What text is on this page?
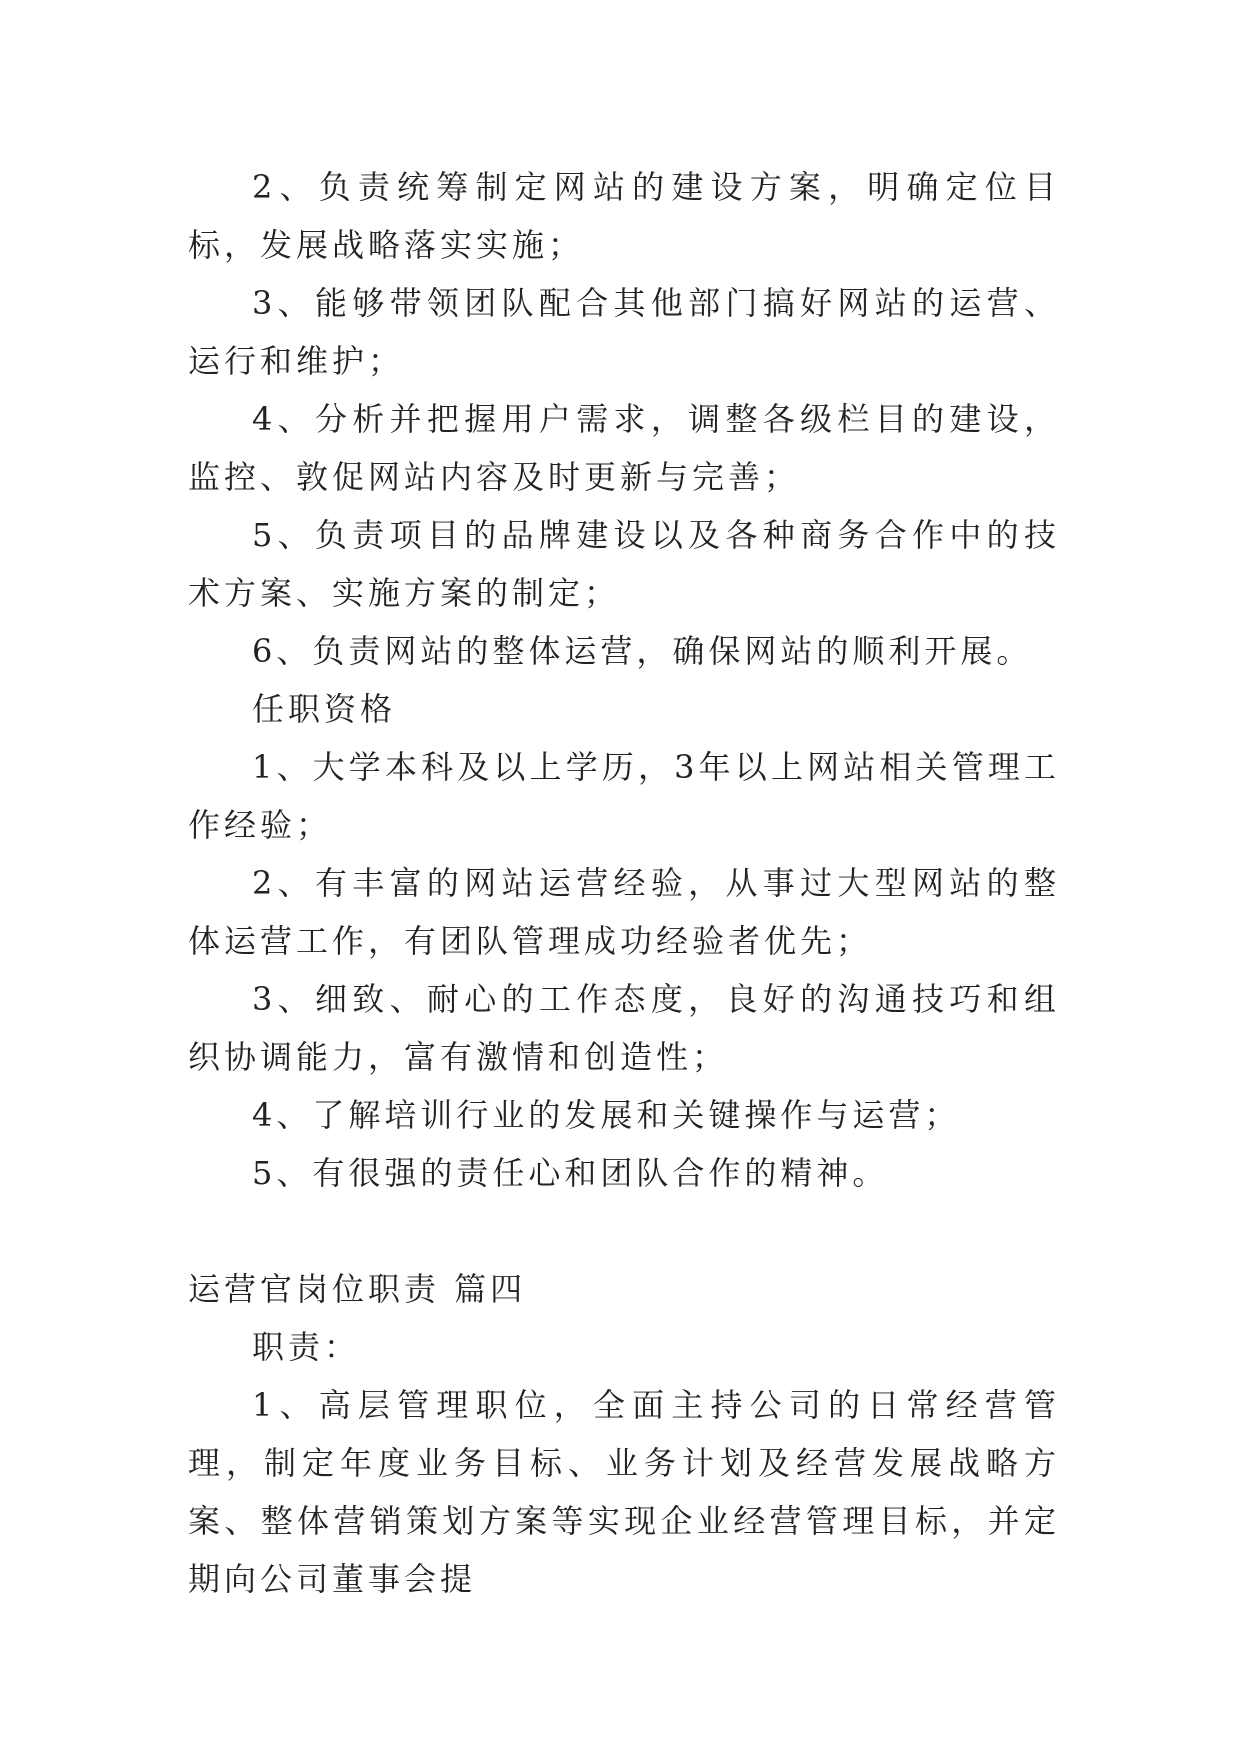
2、负责统筹制定网站的建设方案，明确定位目标，发展战略落实实施；

3、能够带领团队配合其他部门搞好网站的运营、运行和维护；

4、分析并把握用户需求，调整各级栏目的建设，监控、敦促网站内容及时更新与完善；

5、负责项目的品牌建设以及各种商务合作中的技术方案、实施方案的制定；

6、负责网站的整体运营，确保网站的顺利开展。

任职资格

1、大学本科及以上学历，3年以上网站相关管理工作经验；

2、有丰富的网站运营经验，从事过大型网站的整体运营工作，有团队管理成功经验者优先；

3、细致、耐心的工作态度，良好的沟通技巧和组织协调能力，富有激情和创造性；

4、了解培训行业的发展和关键操作与运营；

5、有很强的责任心和团队合作的精神。

运营官岗位职责 篇四

职责：

1、高层管理职位，全面主持公司的日常经营管理，制定年度业务目标、业务计划及经营发展战略方案、整体营销策划方案等实现企业经营管理目标，并定期向公司董事会提
